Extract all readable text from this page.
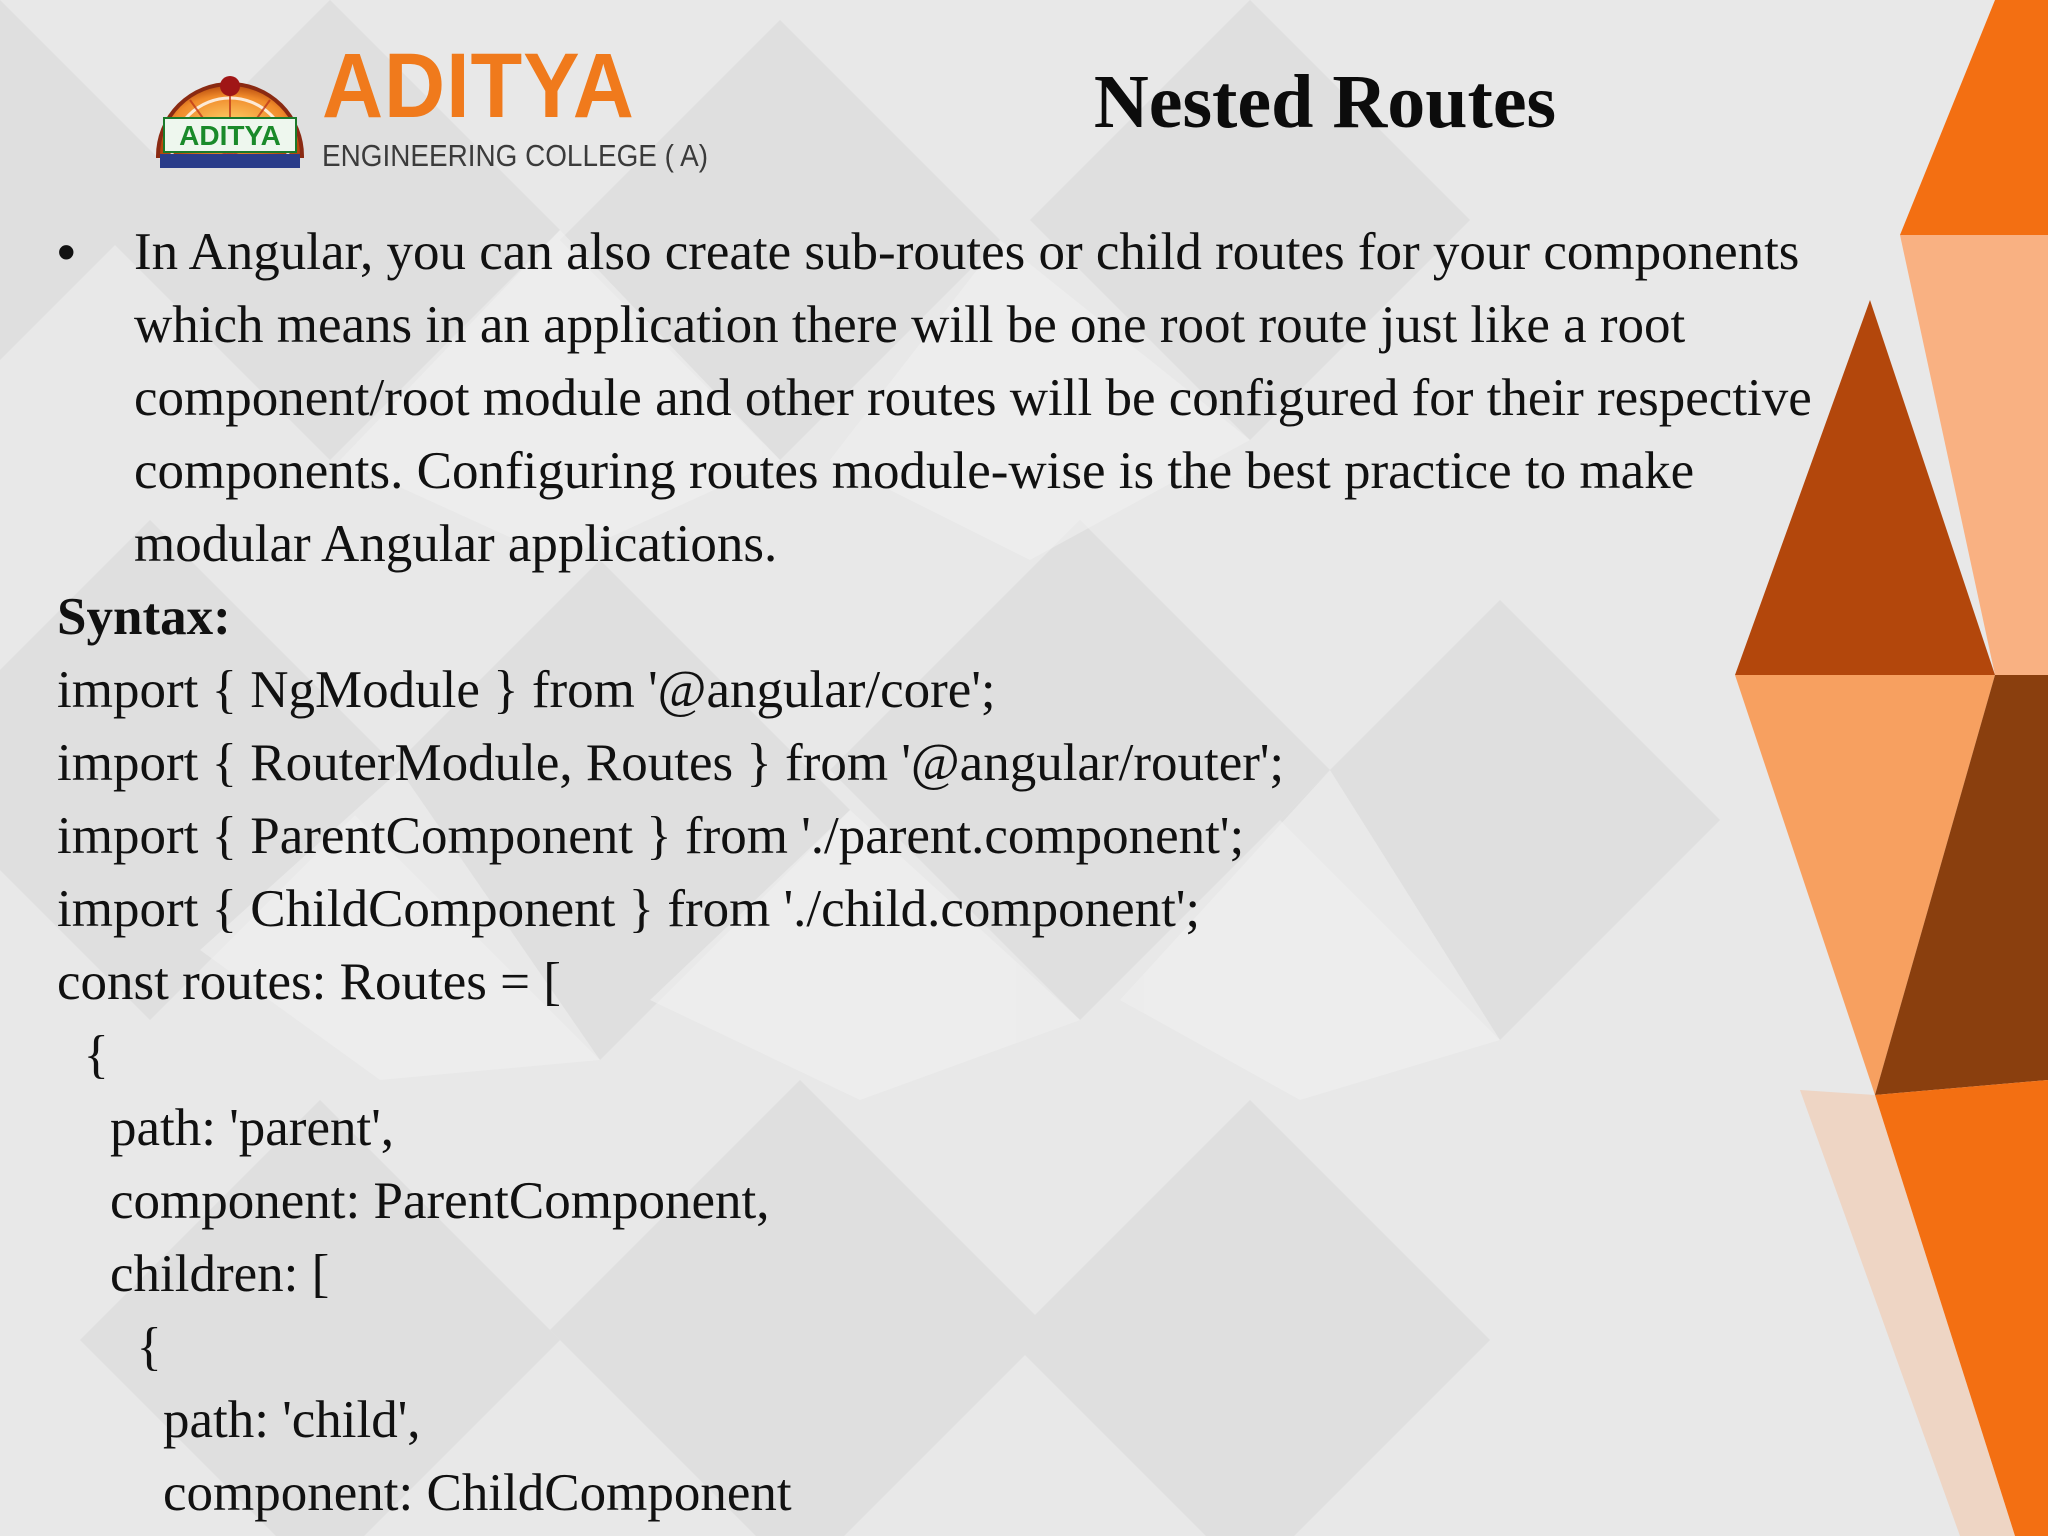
ADITYA ADITYA
ENGINEERING COLLEGE ( A)
Nested Routes
• In Angular, you can also create sub-routes or child routes for your components
which means in an application there will be one root route just like a root
component/root module and other routes will be configured for their respective
components. Configuring routes module-wise is the best practice to make
modular Angular applications.
Syntax:
import { NgModule } from '@angular/core';
import { RouterModule, Routes } from '@angular/router';
import { ParentComponent } from './parent.component';
import { ChildComponent } from './child.component';
const routes: Routes = [
{
path: 'parent',
component: ParentComponent,
children: [
{
path: 'child',
component: ChildComponent
